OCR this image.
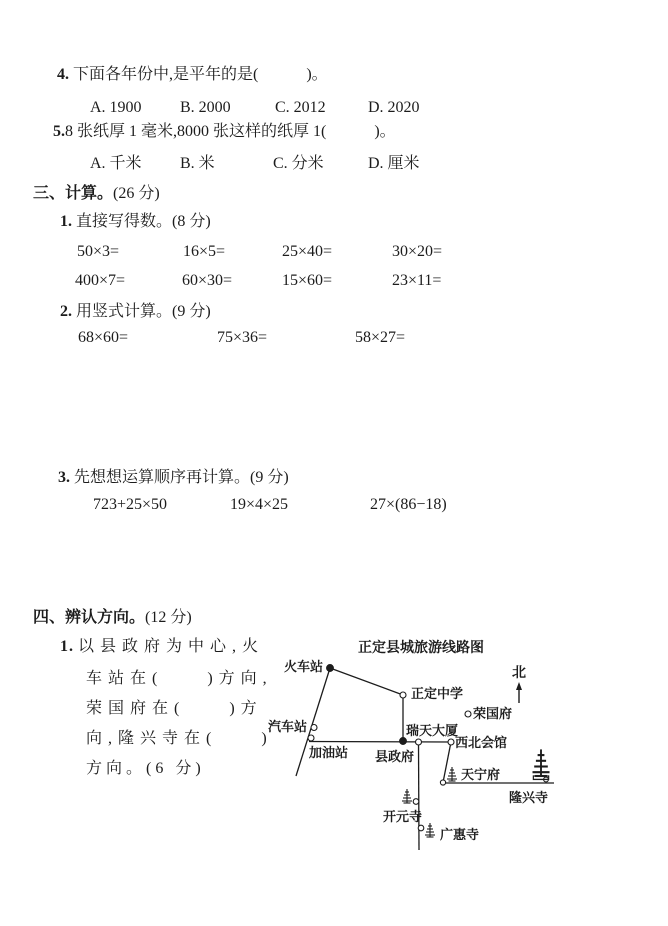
4. 下面各年份中,是平年的是(　　　)。
A. 1900 B. 2000	C. 2012	D. 2020
5.8 张纸厚 1 毫米,8000 张这样的纸厚 1(　　　)。
A. 千米 B. 米	C. 分米	D. 厘米
三、计算。(26 分)
1. 直接写得数。(8 分)
50×3=	16×5=	25×40=	30×20=
400×7=	60×30=	15×60=	23×11=
2. 用竖式计算。(9 分)
68×60=	75×36=	58×27=
3. 先想想运算顺序再计算。(9 分)
723+25×50	19×4×25	27×(86−18)
四、辨认方向。(12 分)
1. 以县政府为中心,火
车站在(　　)方向,
荣国府在(　　)方
向,隆兴寺在(　　)
方向。(6 分)
正定县城旅游线路图
火车站
正定中学
荣国府
汽车站
加油站
瑞天大厦
县政府
西北会馆
天宁府
隆兴寺
开元寺
广惠寺
北
